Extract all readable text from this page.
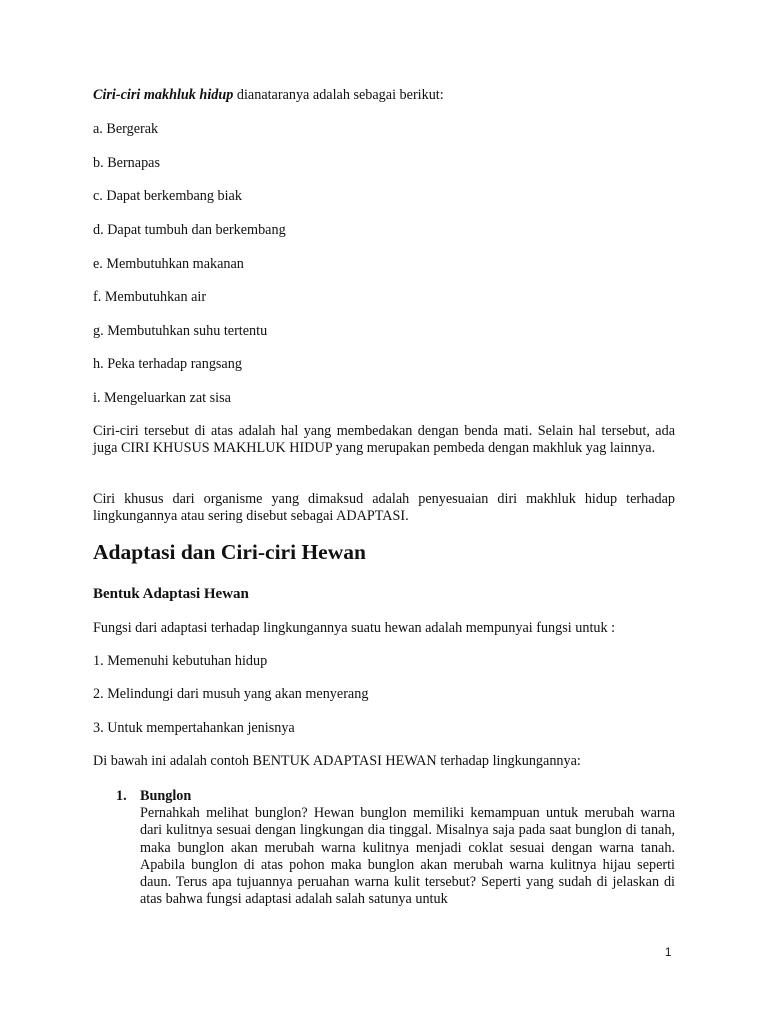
Ciri-ciri makhluk hidup dianataranya adalah sebagai berikut:
a. Bergerak
b. Bernapas
c. Dapat berkembang biak
d. Dapat tumbuh dan berkembang
e. Membutuhkan makanan
f. Membutuhkan air
g. Membutuhkan suhu tertentu
h. Peka terhadap rangsang
i. Mengeluarkan zat sisa
Ciri-ciri tersebut di atas adalah hal yang membedakan dengan benda mati. Selain hal tersebut, ada juga CIRI KHUSUS MAKHLUK HIDUP yang merupakan pembeda dengan makhluk yag lainnya.
Ciri khusus dari organisme yang dimaksud adalah penyesuaian diri makhluk hidup terhadap lingkungannya atau sering disebut sebagai ADAPTASI.
Adaptasi dan Ciri-ciri Hewan
Bentuk Adaptasi Hewan
Fungsi dari adaptasi terhadap lingkungannya suatu hewan adalah mempunyai fungsi untuk :
1. Memenuhi kebutuhan hidup
2. Melindungi dari musuh yang akan menyerang
3. Untuk mempertahankan jenisnya
Di bawah ini adalah contoh BENTUK ADAPTASI HEWAN terhadap lingkungannya:
1. Bunglon
Pernahkah melihat bunglon? Hewan bunglon memiliki kemampuan untuk merubah warna dari kulitnya sesuai dengan lingkungan dia tinggal. Misalnya saja pada saat bunglon di tanah, maka bunglon akan merubah warna kulitnya menjadi coklat sesuai dengan warna tanah. Apabila bunglon di atas pohon maka bunglon akan merubah warna kulitnya hijau seperti daun. Terus apa tujuannya peruahan warna kulit tersebut? Seperti yang sudah di jelaskan di atas bahwa fungsi adaptasi adalah salah satunya untuk
1
